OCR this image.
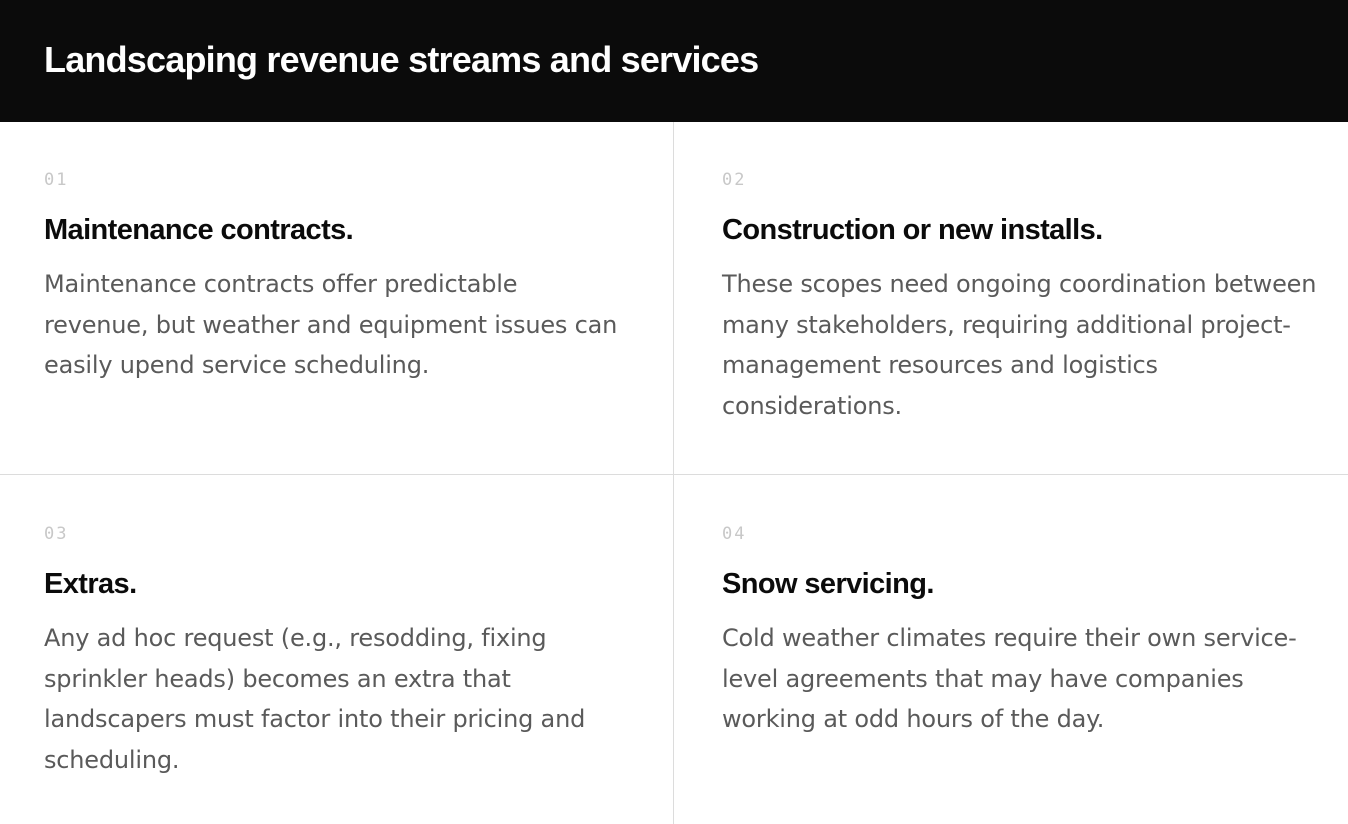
Landscaping revenue streams and services
01
Maintenance contracts.

Maintenance contracts offer predictable revenue, but weather and equipment issues can easily upend service scheduling.

02
Construction or new installs.

These scopes need ongoing coordination between many stakeholders, requiring additional project-management resources and logistics considerations.

03
Extras.

Any ad hoc request (e.g., resodding, fixing sprinkler heads) becomes an extra that landscapers must factor into their pricing and scheduling.

04
Snow servicing.

Cold weather climates require their own service-level agreements that may have companies working at odd hours of the day.
